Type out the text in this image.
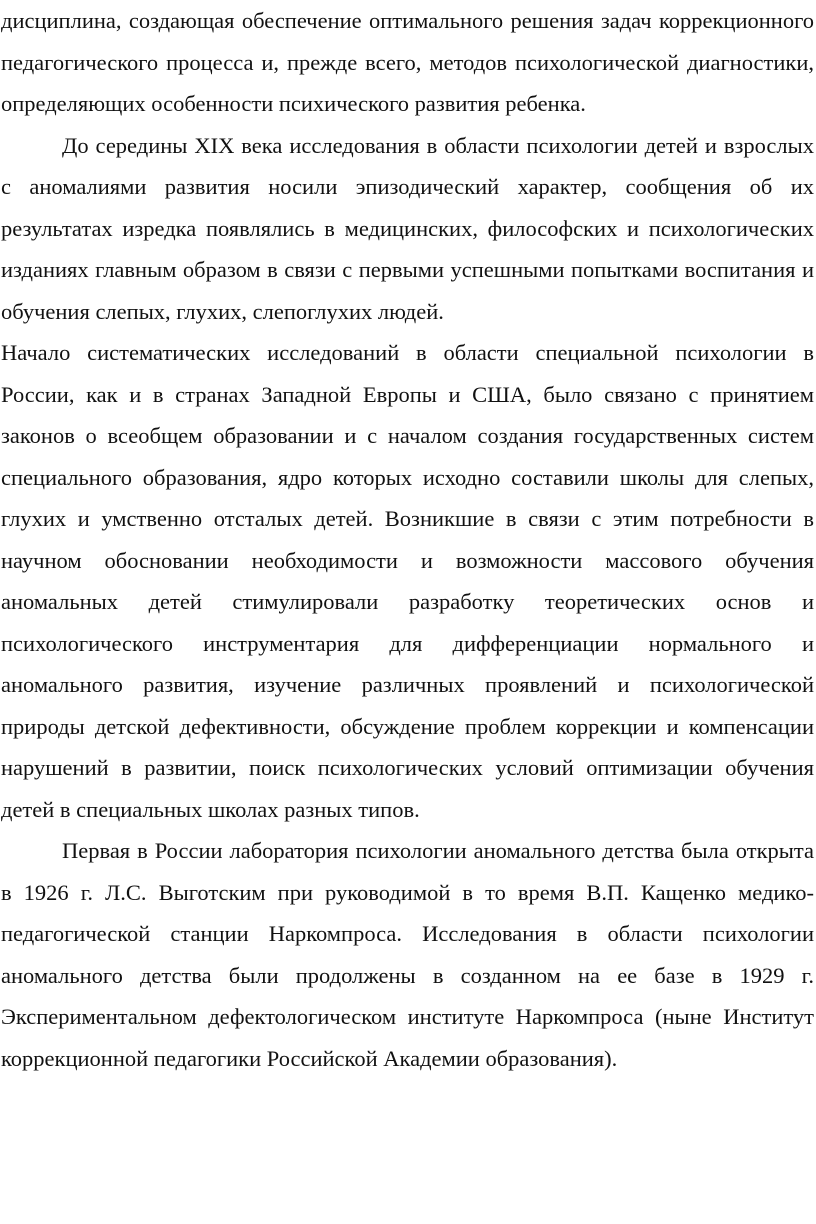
дисциплина, создающая обеспечение оптимального решения задач коррекционного педагогического процесса и, прежде всего, методов психологической диагностики, определяющих особенности психического развития ребенка.

До середины XIX века исследования в области психологии детей и взрослых с аномалиями развития носили эпизодический характер, сообщения об их результатах изредка появлялись в медицинских, философских и психологических изданиях главным образом в связи с первыми успешными попытками воспитания и обучения слепых, глухих, слепоглухих людей.

Начало систематических исследований в области специальной психологии в России, как и в странах Западной Европы и США, было связано с принятием законов о всеобщем образовании и с началом создания государственных систем специального образования, ядро которых исходно составили школы для слепых, глухих и умственно отсталых детей. Возникшие в связи с этим потребности в научном обосновании необходимости и возможности массового обучения аномальных детей стимулировали разработку теоретических основ и психологического инструментария для дифференциации нормального и аномального развития, изучение различных проявлений и психологической природы детской дефективности, обсуждение проблем коррекции и компенсации нарушений в развитии, поиск психологических условий оптимизации обучения детей в специальных школах разных типов.

Первая в России лаборатория психологии аномального детства была открыта в 1926 г. Л.С. Выготским при руководимой в то время В.П. Кащенко медико-педагогической станции Наркомпроса. Исследования в области психологии аномального детства были продолжены в созданном на ее базе в 1929 г. Экспериментальном дефектологическом институте Наркомпроса (ныне Институт коррекционной педагогики Российской Академии образования).
